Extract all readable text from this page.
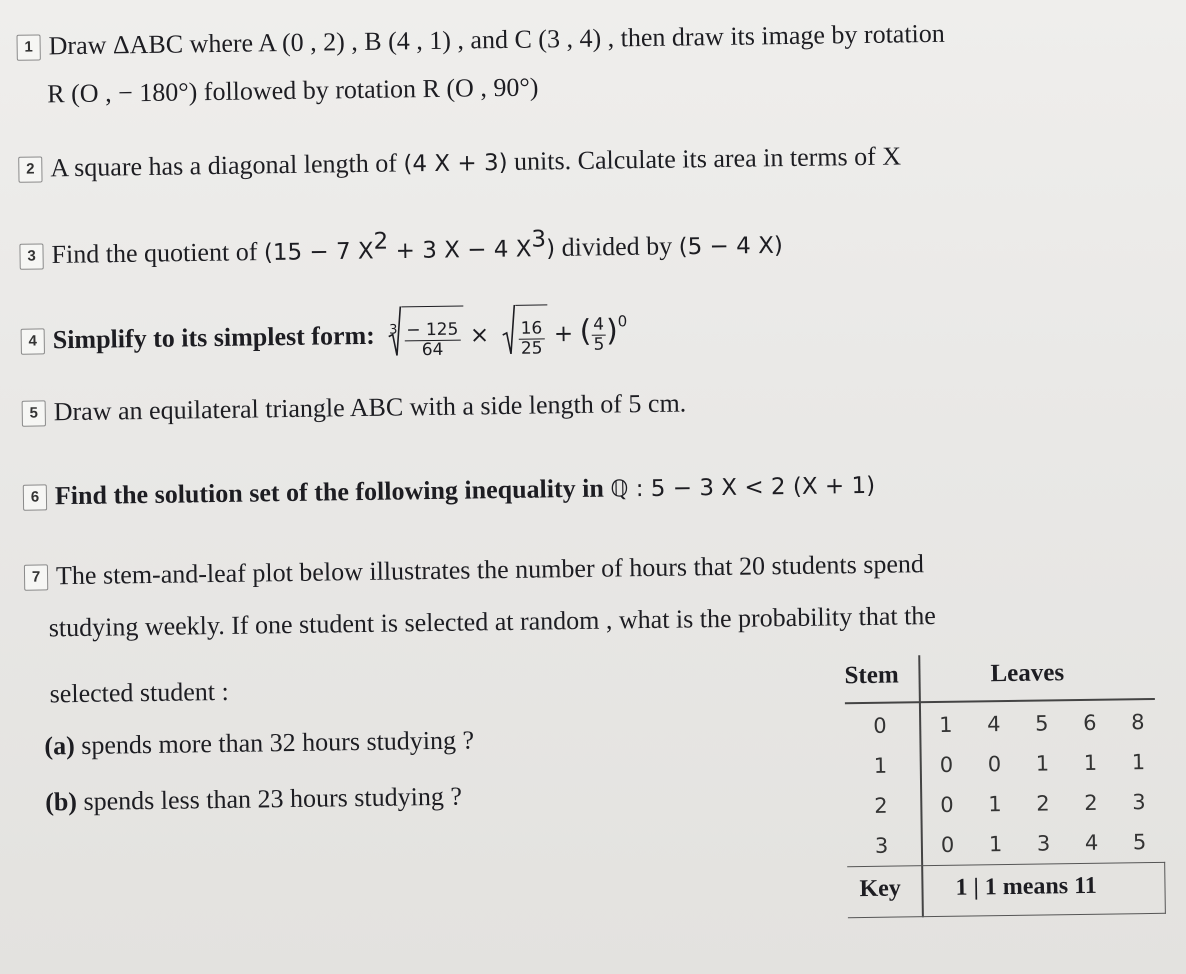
1 Draw ΔABC where A (0 , 2) , B (4 , 1) , and C (3 , 4) , then draw its image by rotation
R (O , − 180°) followed by rotation R (O , 90°)
2 A square has a diagonal length of (4 X + 3) units. Calculate its area in terms of X
3 Find the quotient of (15 − 7 $X^2 + 3$ X − 4 $X^3$) divided by (5 − 4 X)
4 Simplify to its simplest form: $3 \frac{- 125}{64} \times \frac{16}{25}$ + ( $\frac{4}{5} )^0$
5 Draw an equilateral triangle ABC with a side length of 5 cm.
6 Find the solution set of the following inequality in ℚ : 5 − 3 X < 2 (X + 1)
7 The stem-and-leaf plot below illustrates the number of hours that 20 students spend
studying weekly. If one student is selected at random , what is the probability that the
selected student :
(a) spends more than 32 hours studying ?
(b) spends less than 23 hours studying ?
Stem	Leaves
0 1 4 5 6 8
1 0 0 1 1 1
2 0 1 2 2 3
3 0 1 3 4 5
Key 1 | 1 means 11
